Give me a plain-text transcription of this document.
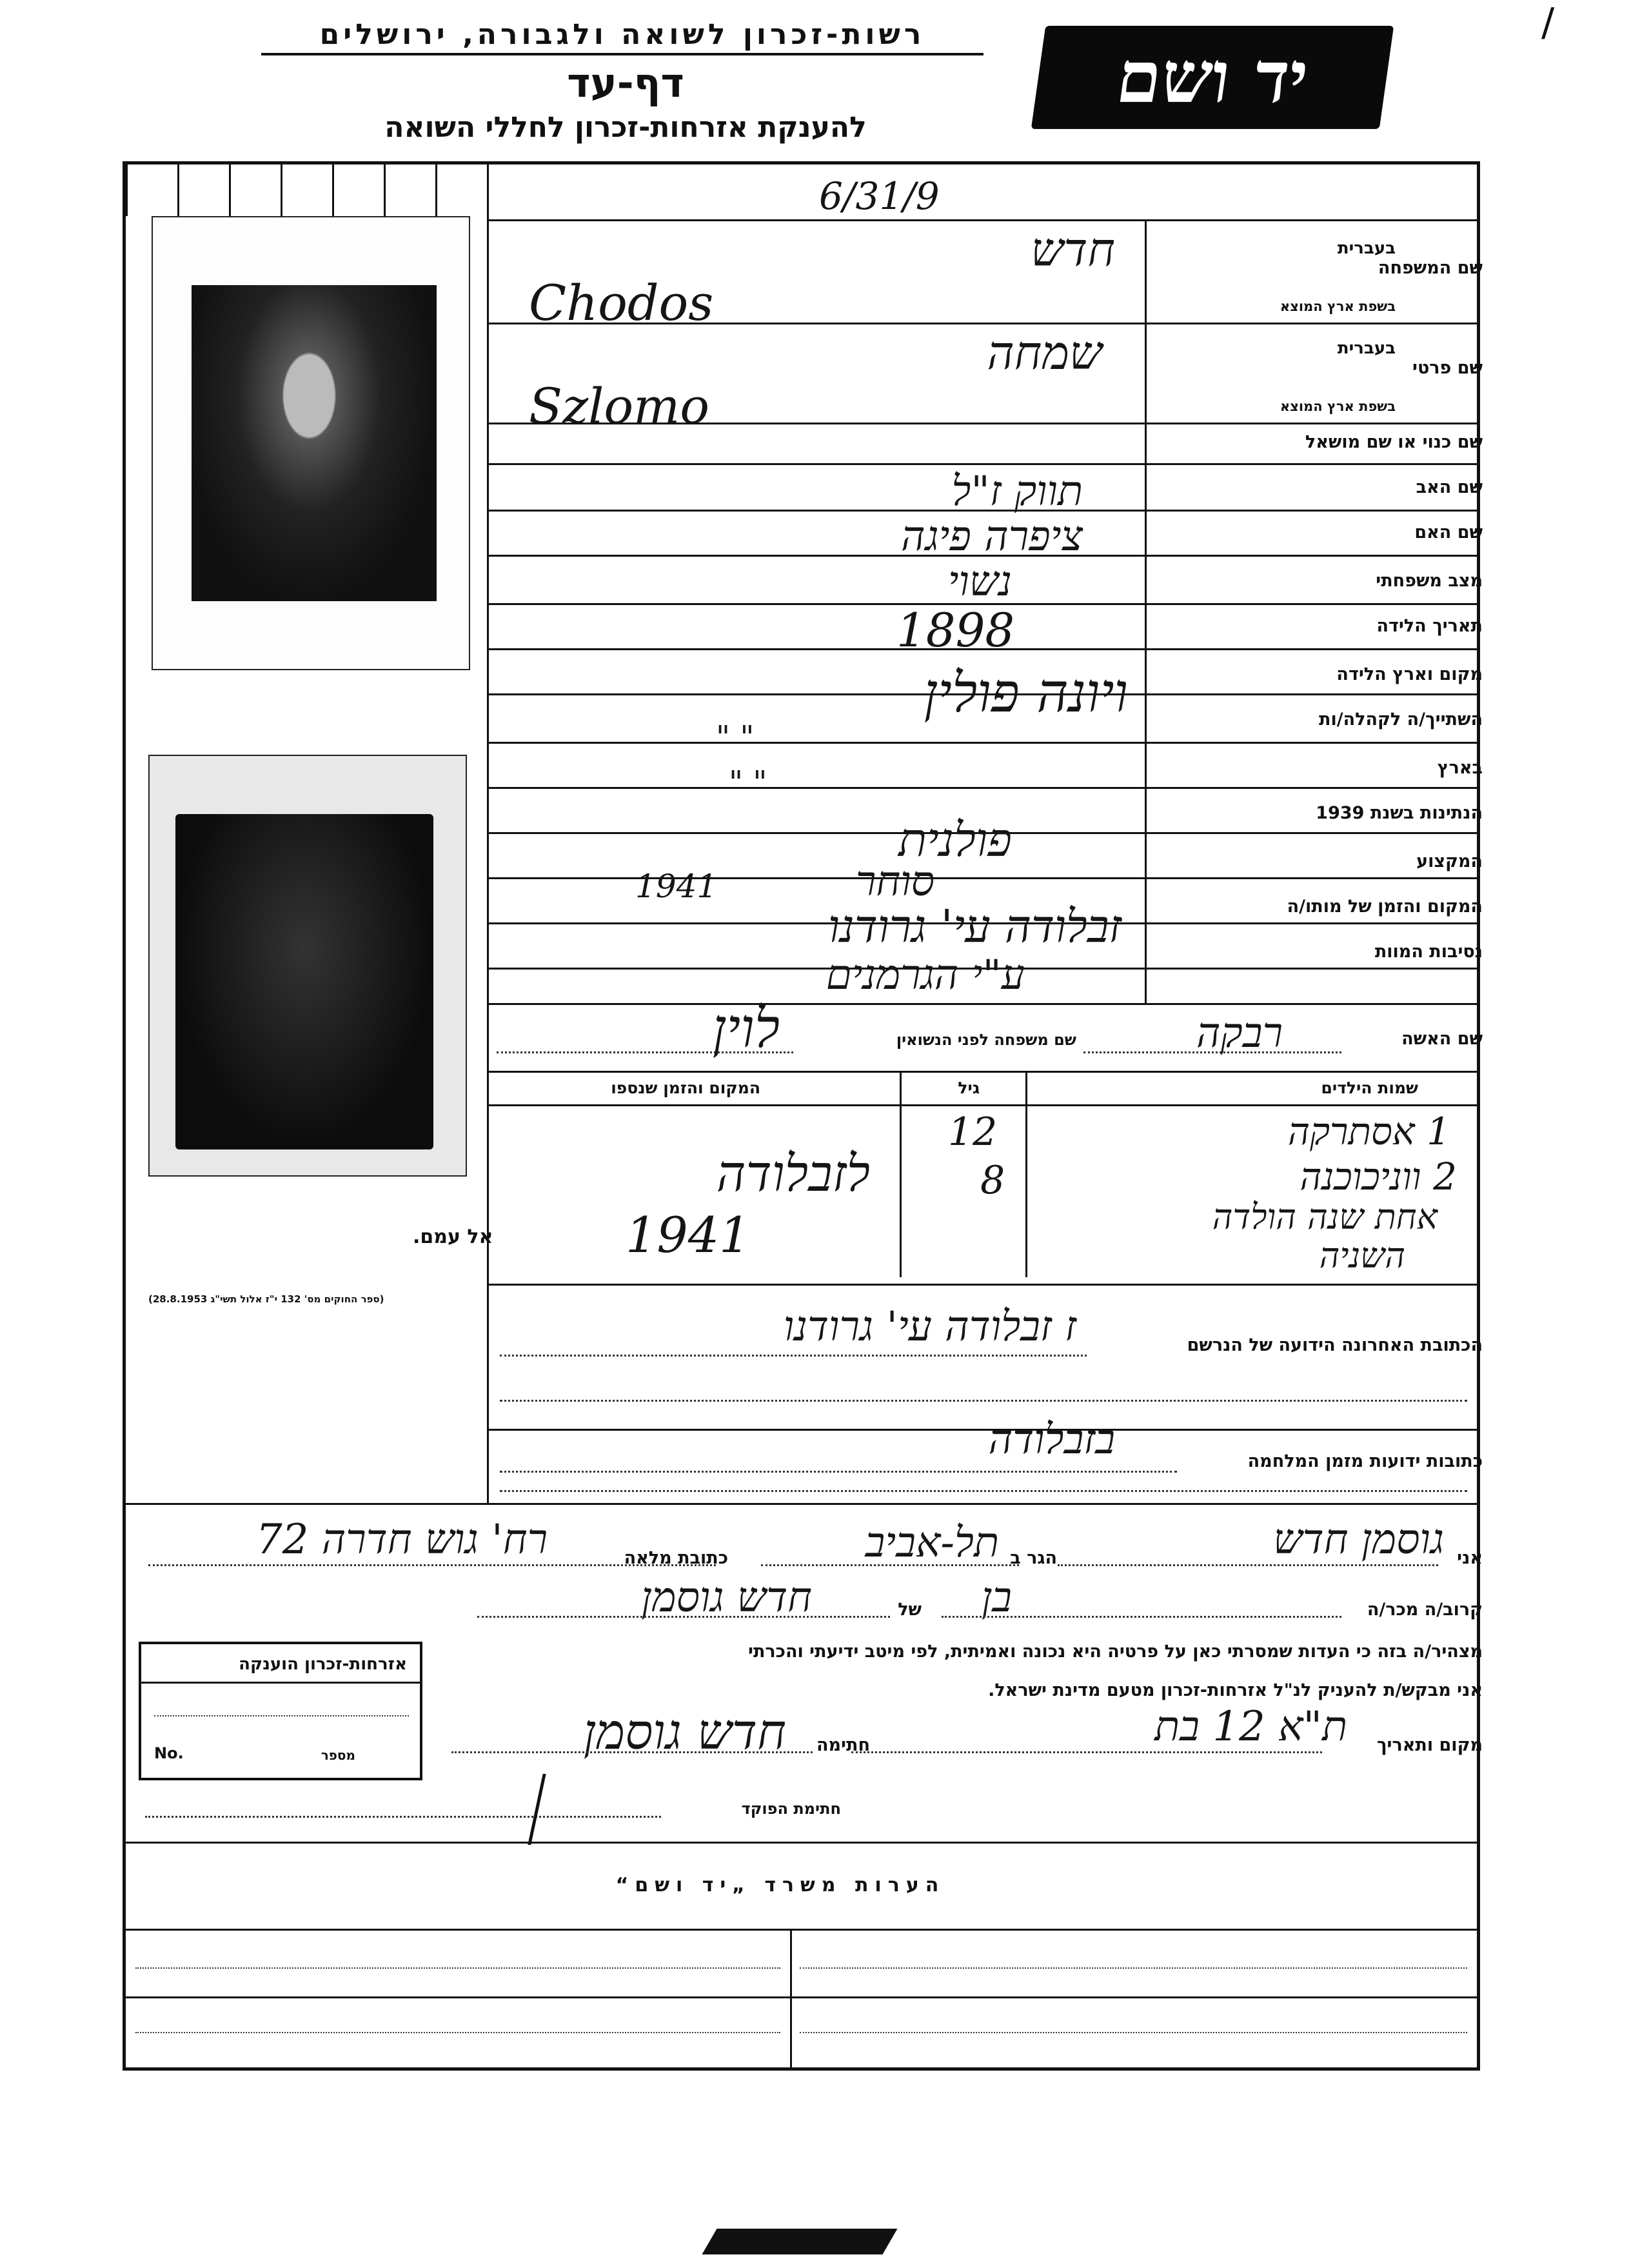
רשות-זכרון לשואה ולגבורה, ירושלים
דף-עד
להענקת אזרחות-זכרון לחללי השואה
יד ושם
/
אל עמם.
(ספר החוקים מס' 132 י"ז אלול תשי"ג 28.8.1953)
6/31/9
שם המשפחה
בעברית
בשפת ארץ המוצא
שם פרטי
בעברית
בשפת ארץ המוצא
שם כנוי או שם מושאל
שם האב
שם האם
מצב משפחתי
תאריך הלידה
מקום וארץ הלידה
השתייך/ה לקהלה/ות
בארץ
הנתינות בשנת 1939
המקצוע
המקום והזמן של מותו/ה
נסיבות המוות
חדש
Chodos
שמחה
Szlomo
תווק ז"ל
ציפרה פיגה
נשוי
1898
ויונה פולין
" "
" "
פולנית
סוחר
1941
זבלודה עי' גרודנו
ע"י הגרמנים
שם האשה
רבקה
שם משפחה לפני הנשואין
לוין
שמות הילדים
גיל
המקום והזמן שנספו
1 אסתרקה
2 ווניכוכנה
אחת שנה הולדה
השניה
12
8
לזבלודה
1941
הכתובת האחרונה הידועה של הנרשם
ז זבלודה עי' גרודנו
כתובות ידועות מזמן המלחמה
בזבלודה
אני
גוסמן חדש
הגר ב
תל-אביב
כתובת מלאה
רח' גוש חדרה 72
קרוב/ה מכר/ה
בן
של
חדש גוסמן
מצהיר/ה בזה כי העדות שמסרתי כאן על פרטיה היא נכונה ואמיתית, לפי מיטב ידיעתי והכרתי
אני מבקש/ת להעניק לנ"ל אזרחות-זכרון מטעם מדינת ישראל.
מקום ותאריך
ת"א 12 בת
חתימה
חדש גוסמן
חתימת הפוקד
אזרחות-זכרון הוענקה
No.	מספר
הערות משרד „יד ושם“
